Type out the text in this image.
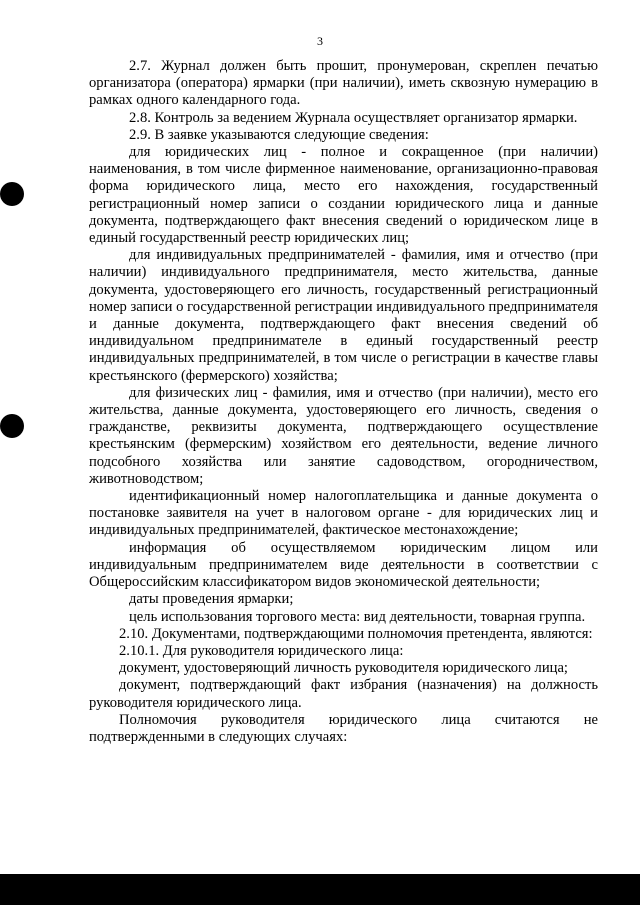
3

2.7. Журнал должен быть прошит, пронумерован, скреплен печатью организатора (оператора) ярмарки (при наличии), иметь сквозную нумерацию в рамках одного календарного года.

2.8. Контроль за ведением Журнала осуществляет организатор ярмарки.

2.9. В заявке указываются следующие сведения:

для юридических лиц - полное и сокращенное (при наличии) наименования, в том числе фирменное наименование, организационно-правовая форма юридического лица, место его нахождения, государственный регистрационный номер записи о создании юридического лица и данные документа, подтверждающего факт внесения сведений о юридическом лице в единый государственный реестр юридических лиц;

для индивидуальных предпринимателей - фамилия, имя и отчество (при наличии) индивидуального предпринимателя, место жительства, данные документа, удостоверяющего его личность, государственный регистрационный номер записи о государственной регистрации индивидуального предпринимателя и данные документа, подтверждающего факт внесения сведений об индивидуальном предпринимателе в единый государственный реестр индивидуальных предпринимателей, в том числе о регистрации в качестве главы крестьянского (фермерского) хозяйства;

для физических лиц - фамилия, имя и отчество (при наличии), место его жительства, данные документа, удостоверяющего его личность, сведения о гражданстве, реквизиты документа, подтверждающего осуществление крестьянским (фермерским) хозяйством его деятельности, ведение личного подсобного хозяйства или занятие садоводством, огородничеством, животноводством;

идентификационный номер налогоплательщика и данные документа о постановке заявителя на учет в налоговом органе - для юридических лиц и индивидуальных предпринимателей, фактическое местонахождение;

информация об осуществляемом юридическим лицом или индивидуальным предпринимателем виде деятельности в соответствии с Общероссийским классификатором видов экономической деятельности;

даты проведения ярмарки;

цель использования торгового места: вид деятельности, товарная группа.

2.10. Документами, подтверждающими полномочия претендента, являются:

2.10.1. Для руководителя юридического лица:

документ, удостоверяющий личность руководителя юридического лица;

документ, подтверждающий факт избрания (назначения) на должность руководителя юридического лица.

Полномочия руководителя юридического лица считаются не подтвержденными в следующих случаях:
